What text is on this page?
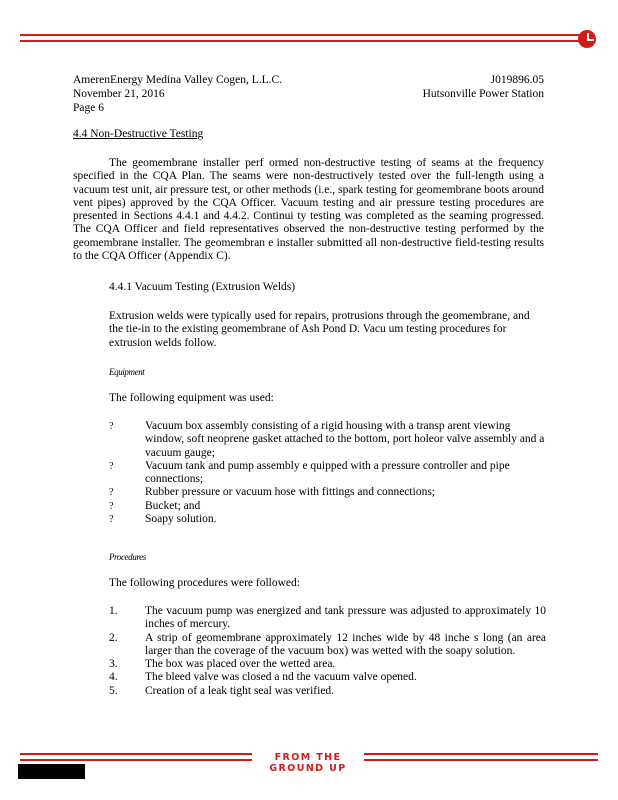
AmerenEnergy Medina Valley Cogen, L.L.C.
November 21, 2016
Page 6
J019896.05
Hutsonville Power Station
4.4 Non-Destructive Testing

The geomembrane installer perf ormed non-destructive testing of seams at the frequency specified in the CQA Plan. The seams were non-destructively tested over the full-length using a vacuum test unit, air pressure test, or other methods (i.e., spark testing for geomembrane boots around vent pipes) approved by the CQA Officer. Vacuum testing and air pressure testing procedures are presented in Sections 4.4.1 and 4.4.2. Continui ty testing was completed as the seaming progressed. The CQA Officer and field representatives observed the non-destructive testing performed by the geomembrane installer. The geomembran e installer submitted all non-destructive field-testing results to the CQA Officer (Appendix C).

4.4.1 Vacuum Testing (Extrusion Welds)

Extrusion welds were typically used for repairs, protrusions through the geomembrane, and the tie-in to the existing geomembrane of Ash Pond D. Vacu um testing procedures for extrusion welds follow.

Equipment
The following equipment was used:
?	Vacuum box assembly consisting of a rigid housing with a transp arent viewing window, soft neoprene gasket attached to the bottom, port holeor valve assembly and a vacuum gauge;
?	Vacuum tank and pump assembly e quipped with a pressure controller and pipe connections;
?	Rubber pressure or vacuum hose with fittings and connections;
?	Bucket; and
?	Soapy solution.
Procedures
The following procedures were followed:
1. The vacuum pump was energized and tank pressure was adjusted to approximately 10 inches of mercury.
2. A strip of geomembrane approximately 12 inches wide by 48 inche s long (an area larger than the coverage of the vacuum box) was wetted with the soapy solution.
3. The box was placed over the wetted area.
4. The bleed valve was closed a nd the vacuum valve opened.
5. Creation of a leak tight seal was verified.
FROM THE GROUND UP
